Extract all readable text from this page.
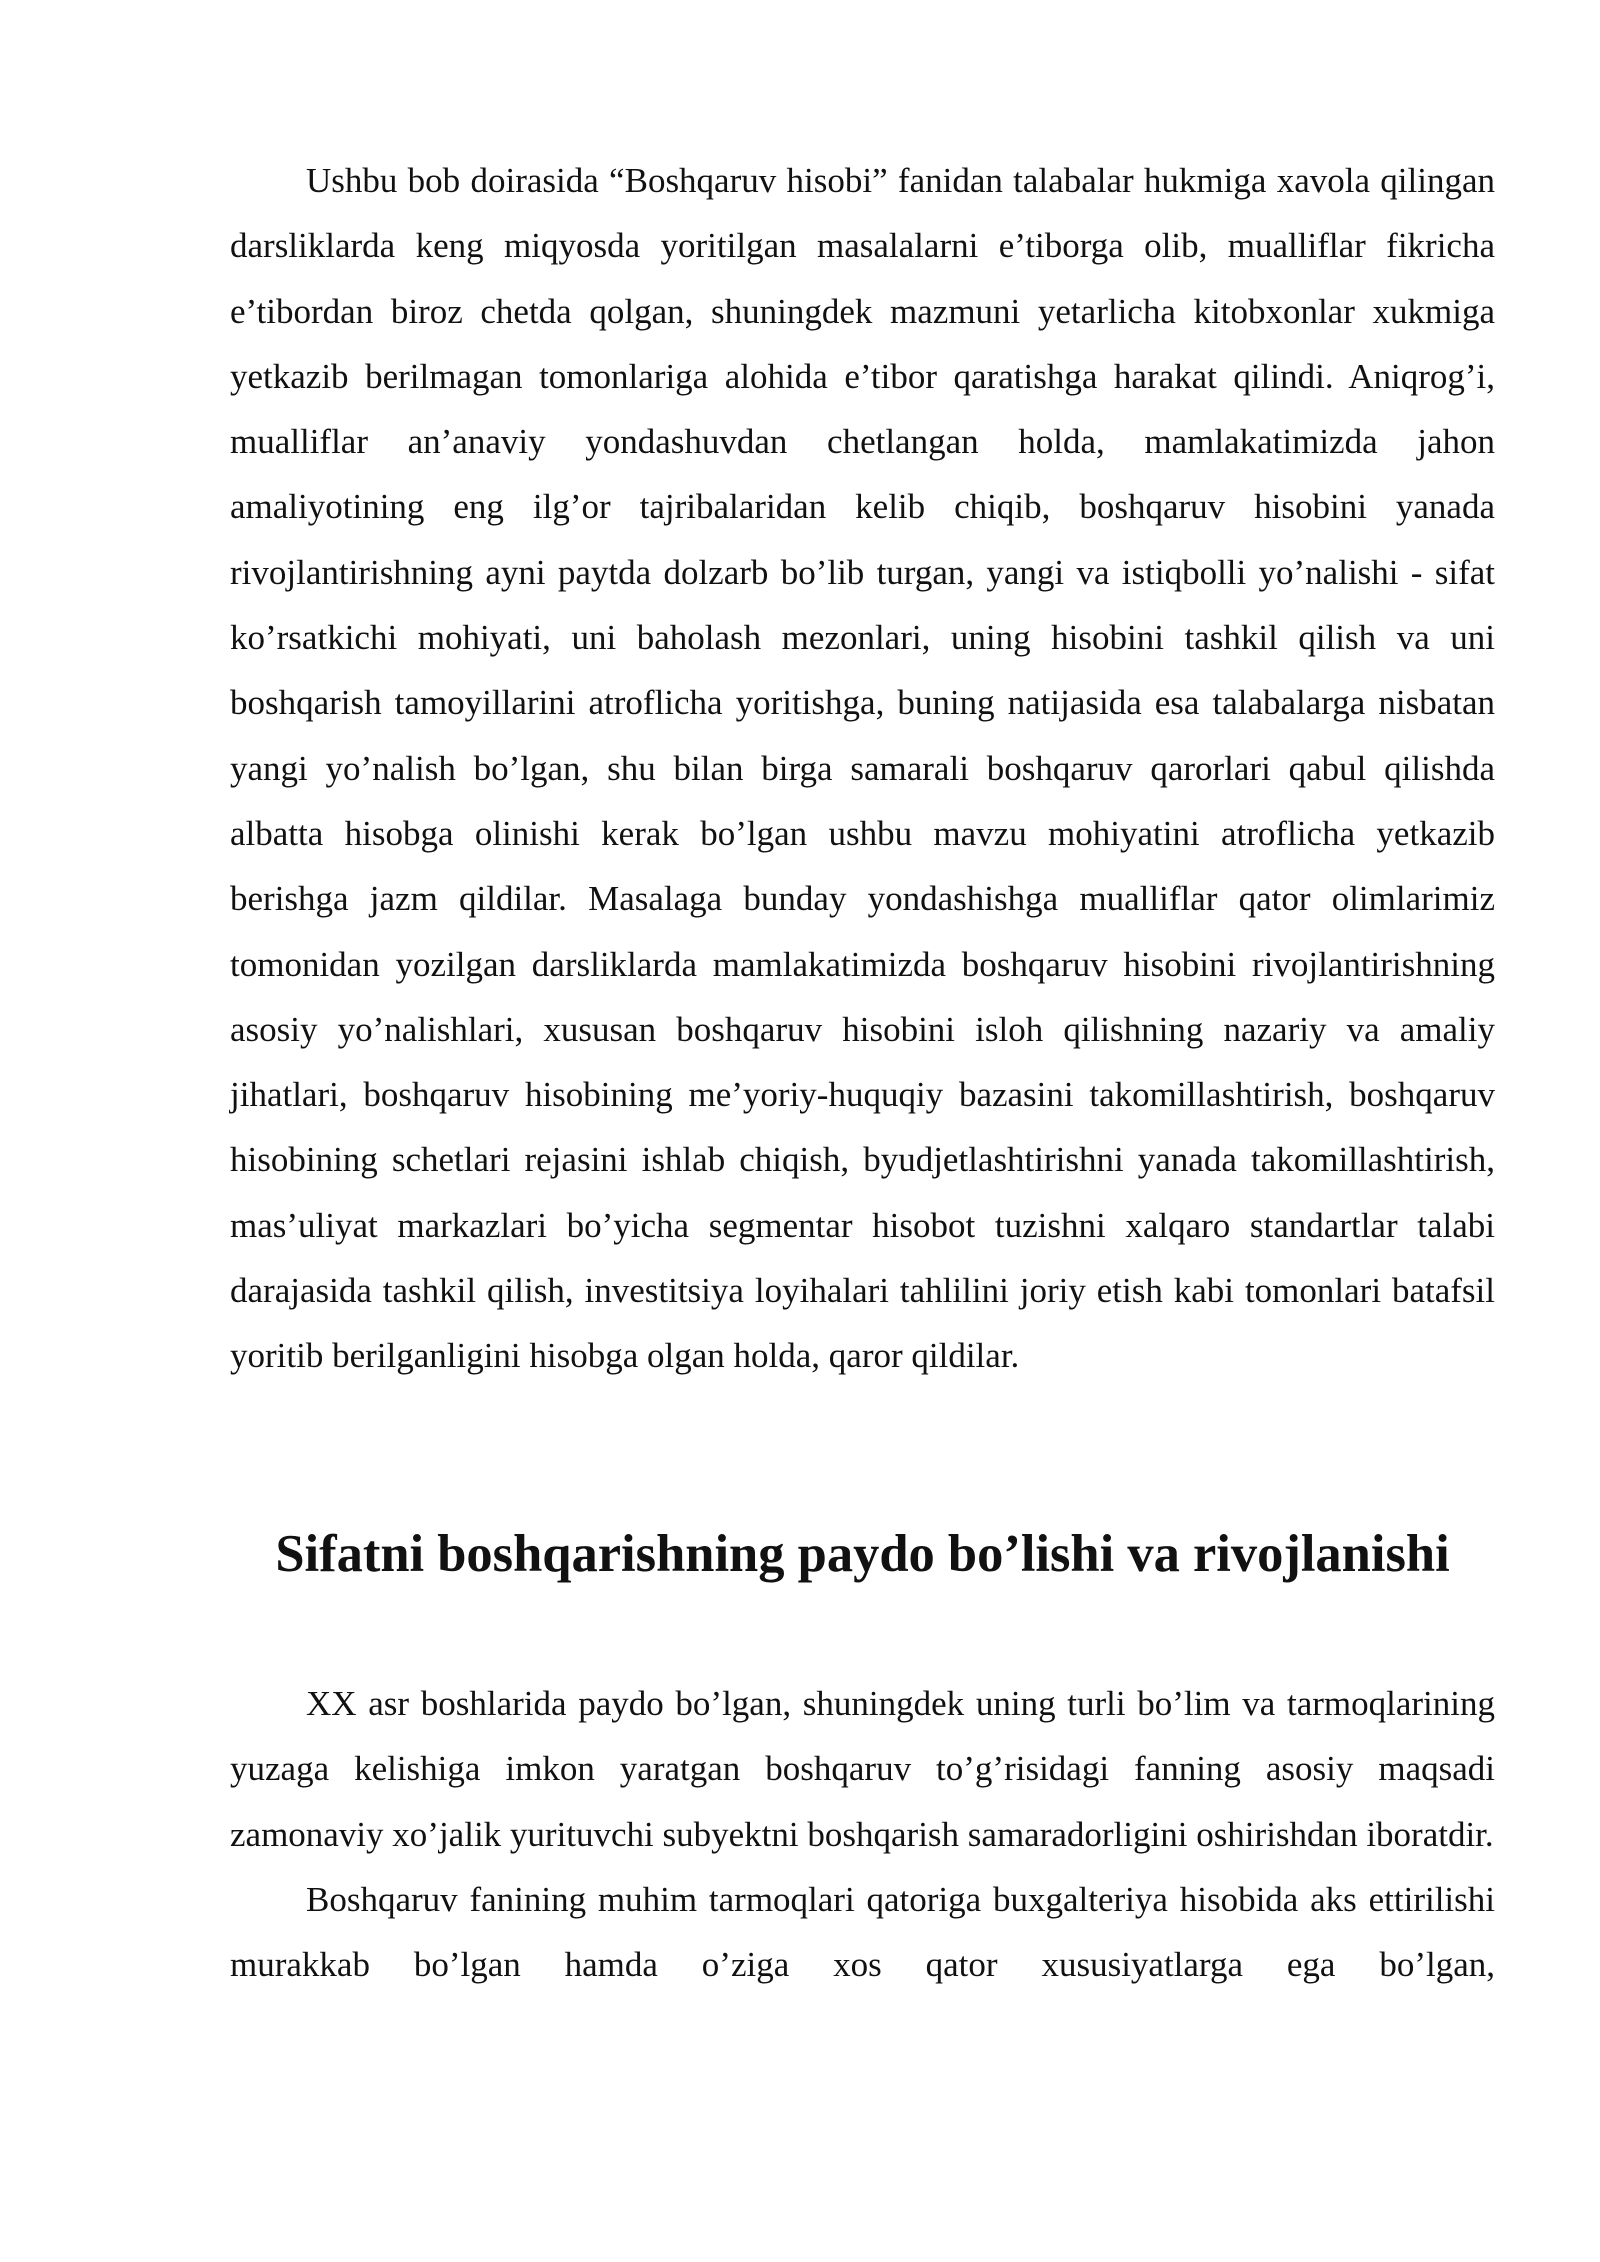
Ushbu bob doirasida “Boshqaruv hisobi” fanidan talabalar hukmiga xavola qilingan darsliklarda keng miqyosda yoritilgan masalalarni e’tiborga olib, mualliflar fikricha e’tibordan biroz chetda qolgan, shuningdek mazmuni yetarlicha kitobxonlar xukmiga yetkazib berilmagan tomonlariga alohida e’tibor qaratishga harakat qilindi. Aniqrog’i, mualliflar an’anaviy yondashuvdan chetlangan holda, mamlakatimizda jahon amaliyotining eng ilg’or tajribalaridan kelib chiqib, boshqaruv hisobini yanada rivojlantirishning ayni paytda dolzarb bo’lib turgan, yangi va istiqbolli yo’nalishi - sifat ko’rsatkichi mohiyati, uni baholash mezonlari, uning hisobini tashkil qilish va uni boshqarish tamoyillarini atroflicha yoritishga, buning natijasida esa talabalarga nisbatan yangi yo’nalish bo’lgan, shu bilan birga samarali boshqaruv qarorlari qabul qilishda albatta hisobga olinishi kerak bo’lgan ushbu mavzu mohiyatini atroflicha yetkazib berishga jazm qildilar. Masalaga bunday yondashishga mualliflar qator olimlarimiz tomonidan yozilgan darsliklarda mamlakatimizda boshqaruv hisobini rivojlantirishning asosiy yo’nalishlari, xususan boshqaruv hisobini isloh qilishning nazariy va amaliy jihatlari, boshqaruv hisobining me’yoriy-huquqiy bazasini takomillashtirish, boshqaruv hisobining schetlari rejasini ishlab chiqish, byudjetlashtirishni yanada takomillashtirish, mas’uliyat markazlari bo’yicha segmentar hisobot tuzishni xalqaro standartlar talabi darajasida tashkil qilish, investitsiya loyihalari tahlilini joriy etish kabi tomonlari batafsil yoritib berilganligini hisobga olgan holda, qaror qildilar.

Sifatni boshqarishning paydo bo’lishi va rivojlanishi

XX asr boshlarida paydo bo’lgan, shuningdek uning turli bo’lim va tarmoqlarining yuzaga kelishiga imkon yaratgan boshqaruv to’g’risidagi fanning asosiy maqsadi zamonaviy xo’jalik yurituvchi subyektni boshqarish samaradorligini oshirishdan iboratdir.

Boshqaruv fanining muhim tarmoqlari qatoriga buxgalteriya hisobida aks ettirilishi murakkab bo’lgan hamda o’ziga xos qator xususiyatlarga ega bo’lgan,
